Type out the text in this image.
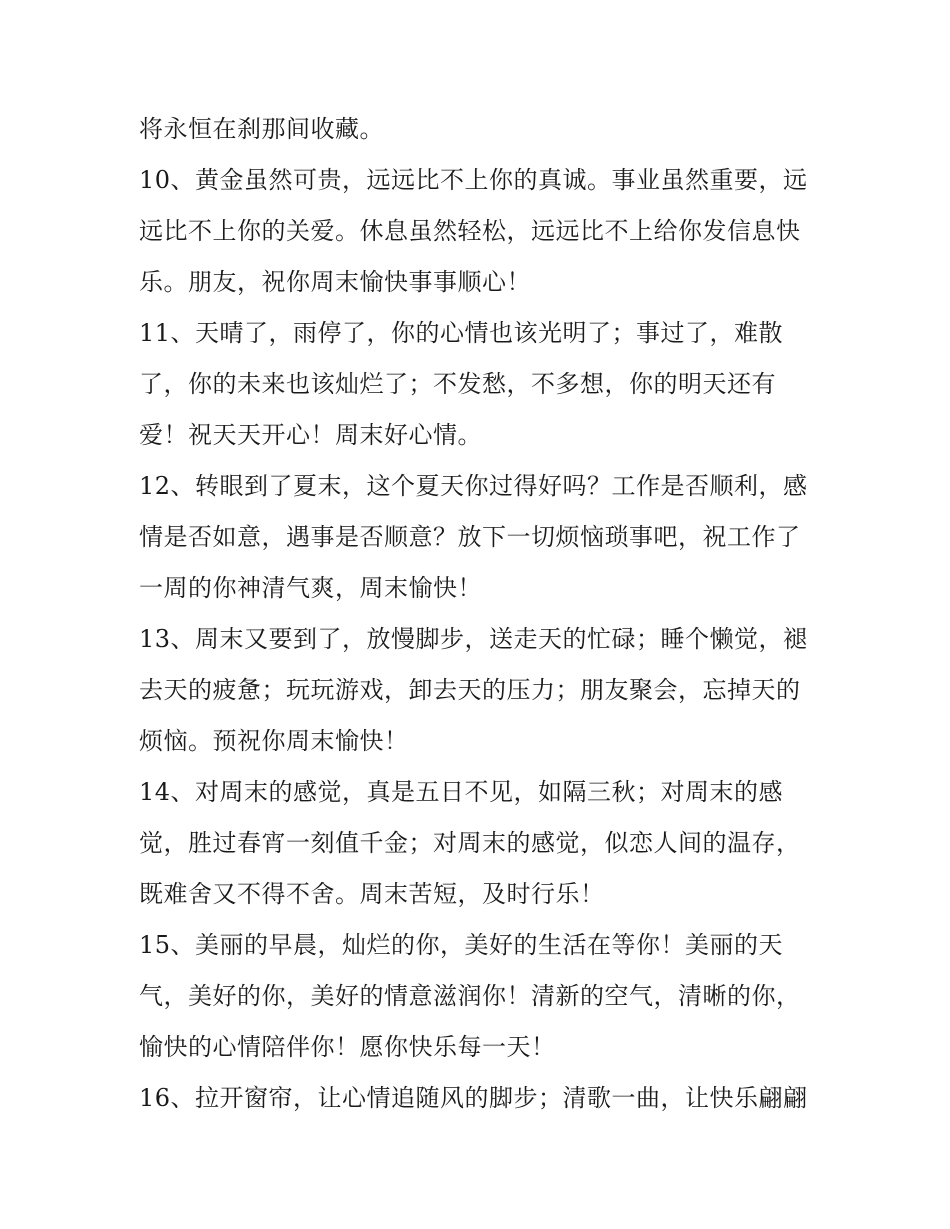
将永恒在刹那间收藏。
10、黄金虽然可贵，远远比不上你的真诚。事业虽然重要，远
远比不上你的关爱。休息虽然轻松，远远比不上给你发信息快
乐。朋友，祝你周末愉快事事顺心！
11、天晴了，雨停了，你的心情也该光明了；事过了，难散
了，你的未来也该灿烂了；不发愁，不多想，你的明天还有
爱！祝天天开心！周末好心情。
12、转眼到了夏末，这个夏天你过得好吗？工作是否顺利，感
情是否如意，遇事是否顺意？放下一切烦恼琐事吧，祝工作了
一周的你神清气爽，周末愉快！
13、周末又要到了，放慢脚步，送走天的忙碌；睡个懒觉，褪
去天的疲惫；玩玩游戏，卸去天的压力；朋友聚会，忘掉天的
烦恼。预祝你周末愉快！
14、对周末的感觉，真是五日不见，如隔三秋；对周末的感
觉，胜过春宵一刻值千金；对周末的感觉，似恋人间的温存，
既难舍又不得不舍。周末苦短，及时行乐！
15、美丽的早晨，灿烂的你，美好的生活在等你！美丽的天
气，美好的你，美好的情意滋润你！清新的空气，清晰的你，
愉快的心情陪伴你！愿你快乐每一天！
16、拉开窗帘，让心情追随风的脚步；清歌一曲，让快乐翩翩
